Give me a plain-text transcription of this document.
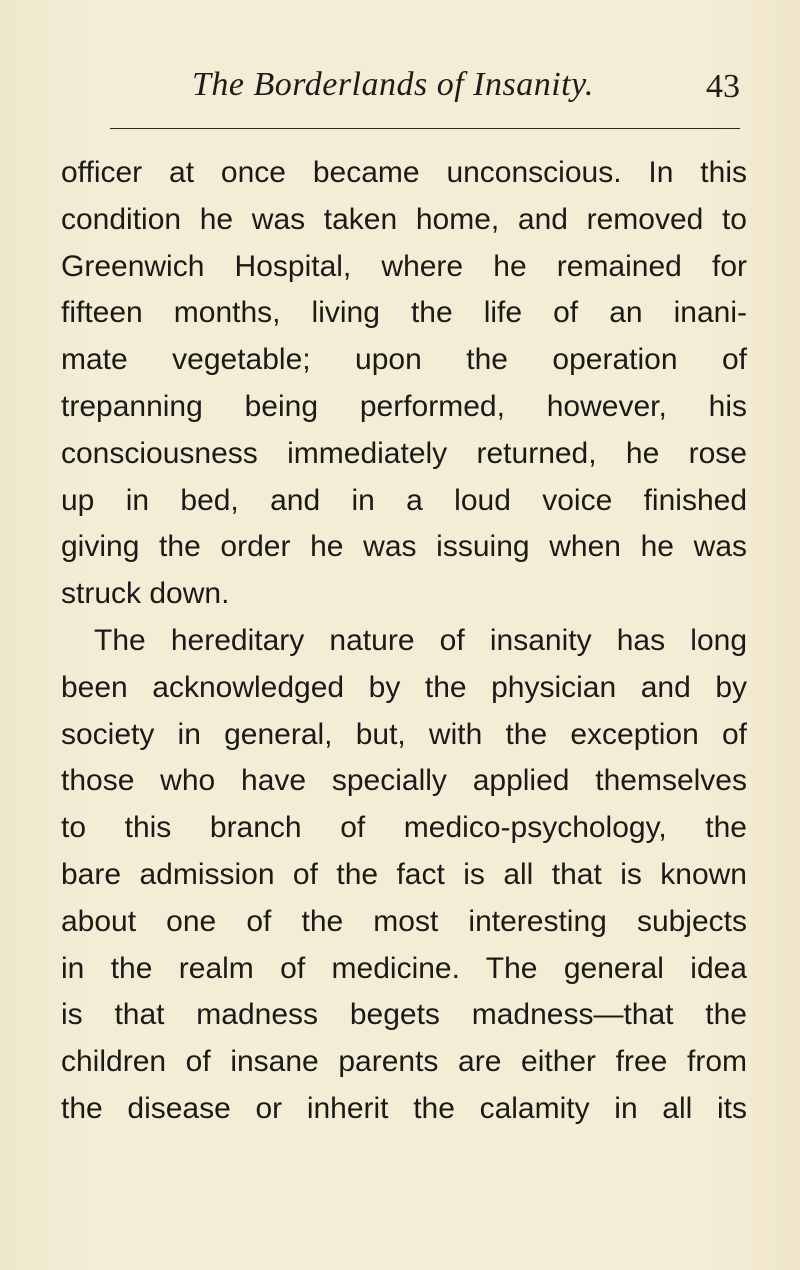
The Borderlands of Insanity.	43
officer at once became unconscious. In this
condition he was taken home, and removed to
Greenwich Hospital, where he remained for
fifteen months, living the life of an inani-
mate vegetable; upon the operation of
trepanning being performed, however, his
consciousness immediately returned, he rose
up in bed, and in a loud voice finished
giving the order he was issuing when he was
struck down.
The hereditary nature of insanity has long
been acknowledged by the physician and by
society in general, but, with the exception of
those who have specially applied themselves
to this branch of medico-psychology, the
bare admission of the fact is all that is known
about one of the most interesting subjects
in the realm of medicine. The general idea
is that madness begets madness—that the
children of insane parents are either free from
the disease or inherit the calamity in all its
